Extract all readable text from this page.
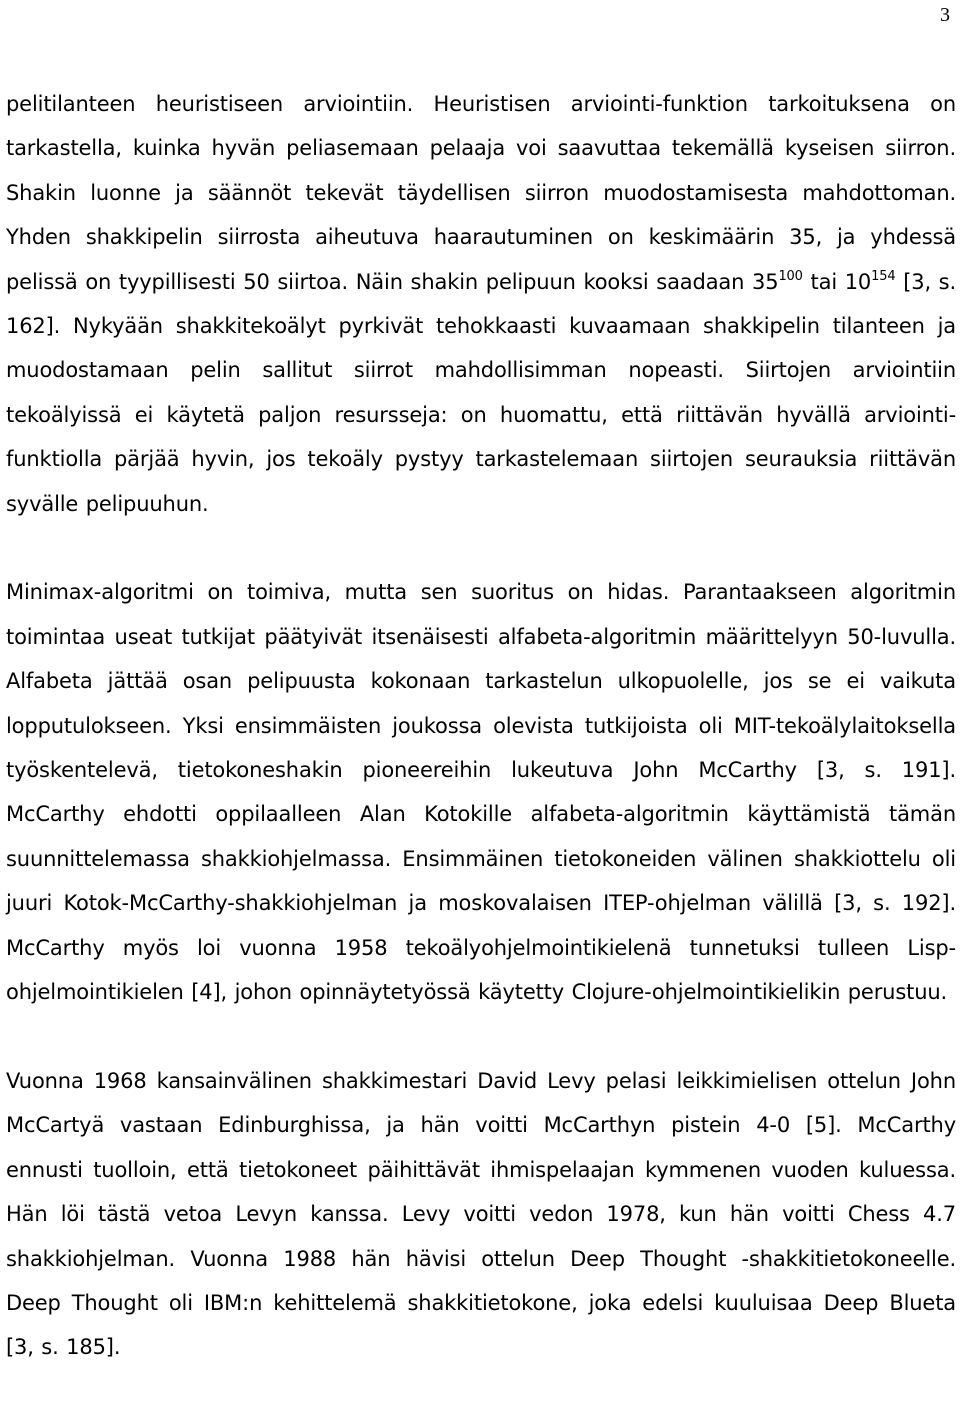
3

pelitilanteen heuristiseen arviointiin. Heuristisen arviointi-funktion tarkoituksena on tarkastella, kuinka hyvän peliasemaan pelaaja voi saavuttaa tekemällä kyseisen siirron. Shakin luonne ja säännöt tekevät täydellisen siirron muodostamisesta mahdottoman. Yhden shakkipelin siirrosta aiheutuva haarautuminen on keskimäärin 35, ja yhdessä pelissä on tyypillisesti 50 siirtoa. Näin shakin pelipuun kooksi saadaan $35^{100}$ tai $10^{154}$ [3, s. 162]. Nykyään shakkitekoälyt pyrkivät tehokkaasti kuvaamaan shakkipelin tilanteen ja muodostamaan pelin sallitut siirrot mahdollisimman nopeasti. Siirtojen arviointiin tekoälyissä ei käytetä paljon resursseja: on huomattu, että riittävän hyvällä arviointi-funktiolla pärjää hyvin, jos tekoäly pystyy tarkastelemaan siirtojen seurauksia riittävän syvälle pelipuuhun.

Minimax-algoritmi on toimiva, mutta sen suoritus on hidas. Parantaakseen algoritmin toimintaa useat tutkijat päätyivät itsenäisesti alfabeta-algoritmin määrittelyyn 50-luvulla. Alfabeta jättää osan pelipuusta kokonaan tarkastelun ulkopuolelle, jos se ei vaikuta lopputulokseen. Yksi ensimmäisten joukossa olevista tutkijoista oli MIT-tekoälylaitoksella työskentelevä, tietokoneshakin pioneereihin lukeutuva John McCarthy [3, s. 191]. McCarthy ehdotti oppilaalleen Alan Kotokille alfabeta-algoritmin käyttämistä tämän suunnittelemassa shakkiohjelmassa. Ensimmäinen tietokoneiden välinen shakkiottelu oli juuri Kotok-McCarthy-shakkiohjelman ja moskovalaisen ITEP-ohjelman välillä [3, s. 192]. McCarthy myös loi vuonna 1958 tekoälyohjelmointikielenä tunnetuksi tulleen Lisp-ohjelmointikielen [4], johon opinnäytetyössä käytetty Clojure-ohjelmointikielikin perustuu.

Vuonna 1968 kansainvälinen shakkimestari David Levy pelasi leikkimielisen ottelun John McCartyä vastaan Edinburghissa, ja hän voitti McCarthyn pistein 4-0 [5]. McCarthy ennusti tuolloin, että tietokoneet päihittävät ihmispelaajan kymmenen vuoden kuluessa. Hän löi tästä vetoa Levyn kanssa. Levy voitti vedon 1978, kun hän voitti Chess 4.7 shakkiohjelman. Vuonna 1988 hän hävisi ottelun Deep Thought -shakkitietokoneelle. Deep Thought oli IBM:n kehittelemä shakkitietokone, joka edelsi kuuluisaa Deep Blueta [3, s. 185].
